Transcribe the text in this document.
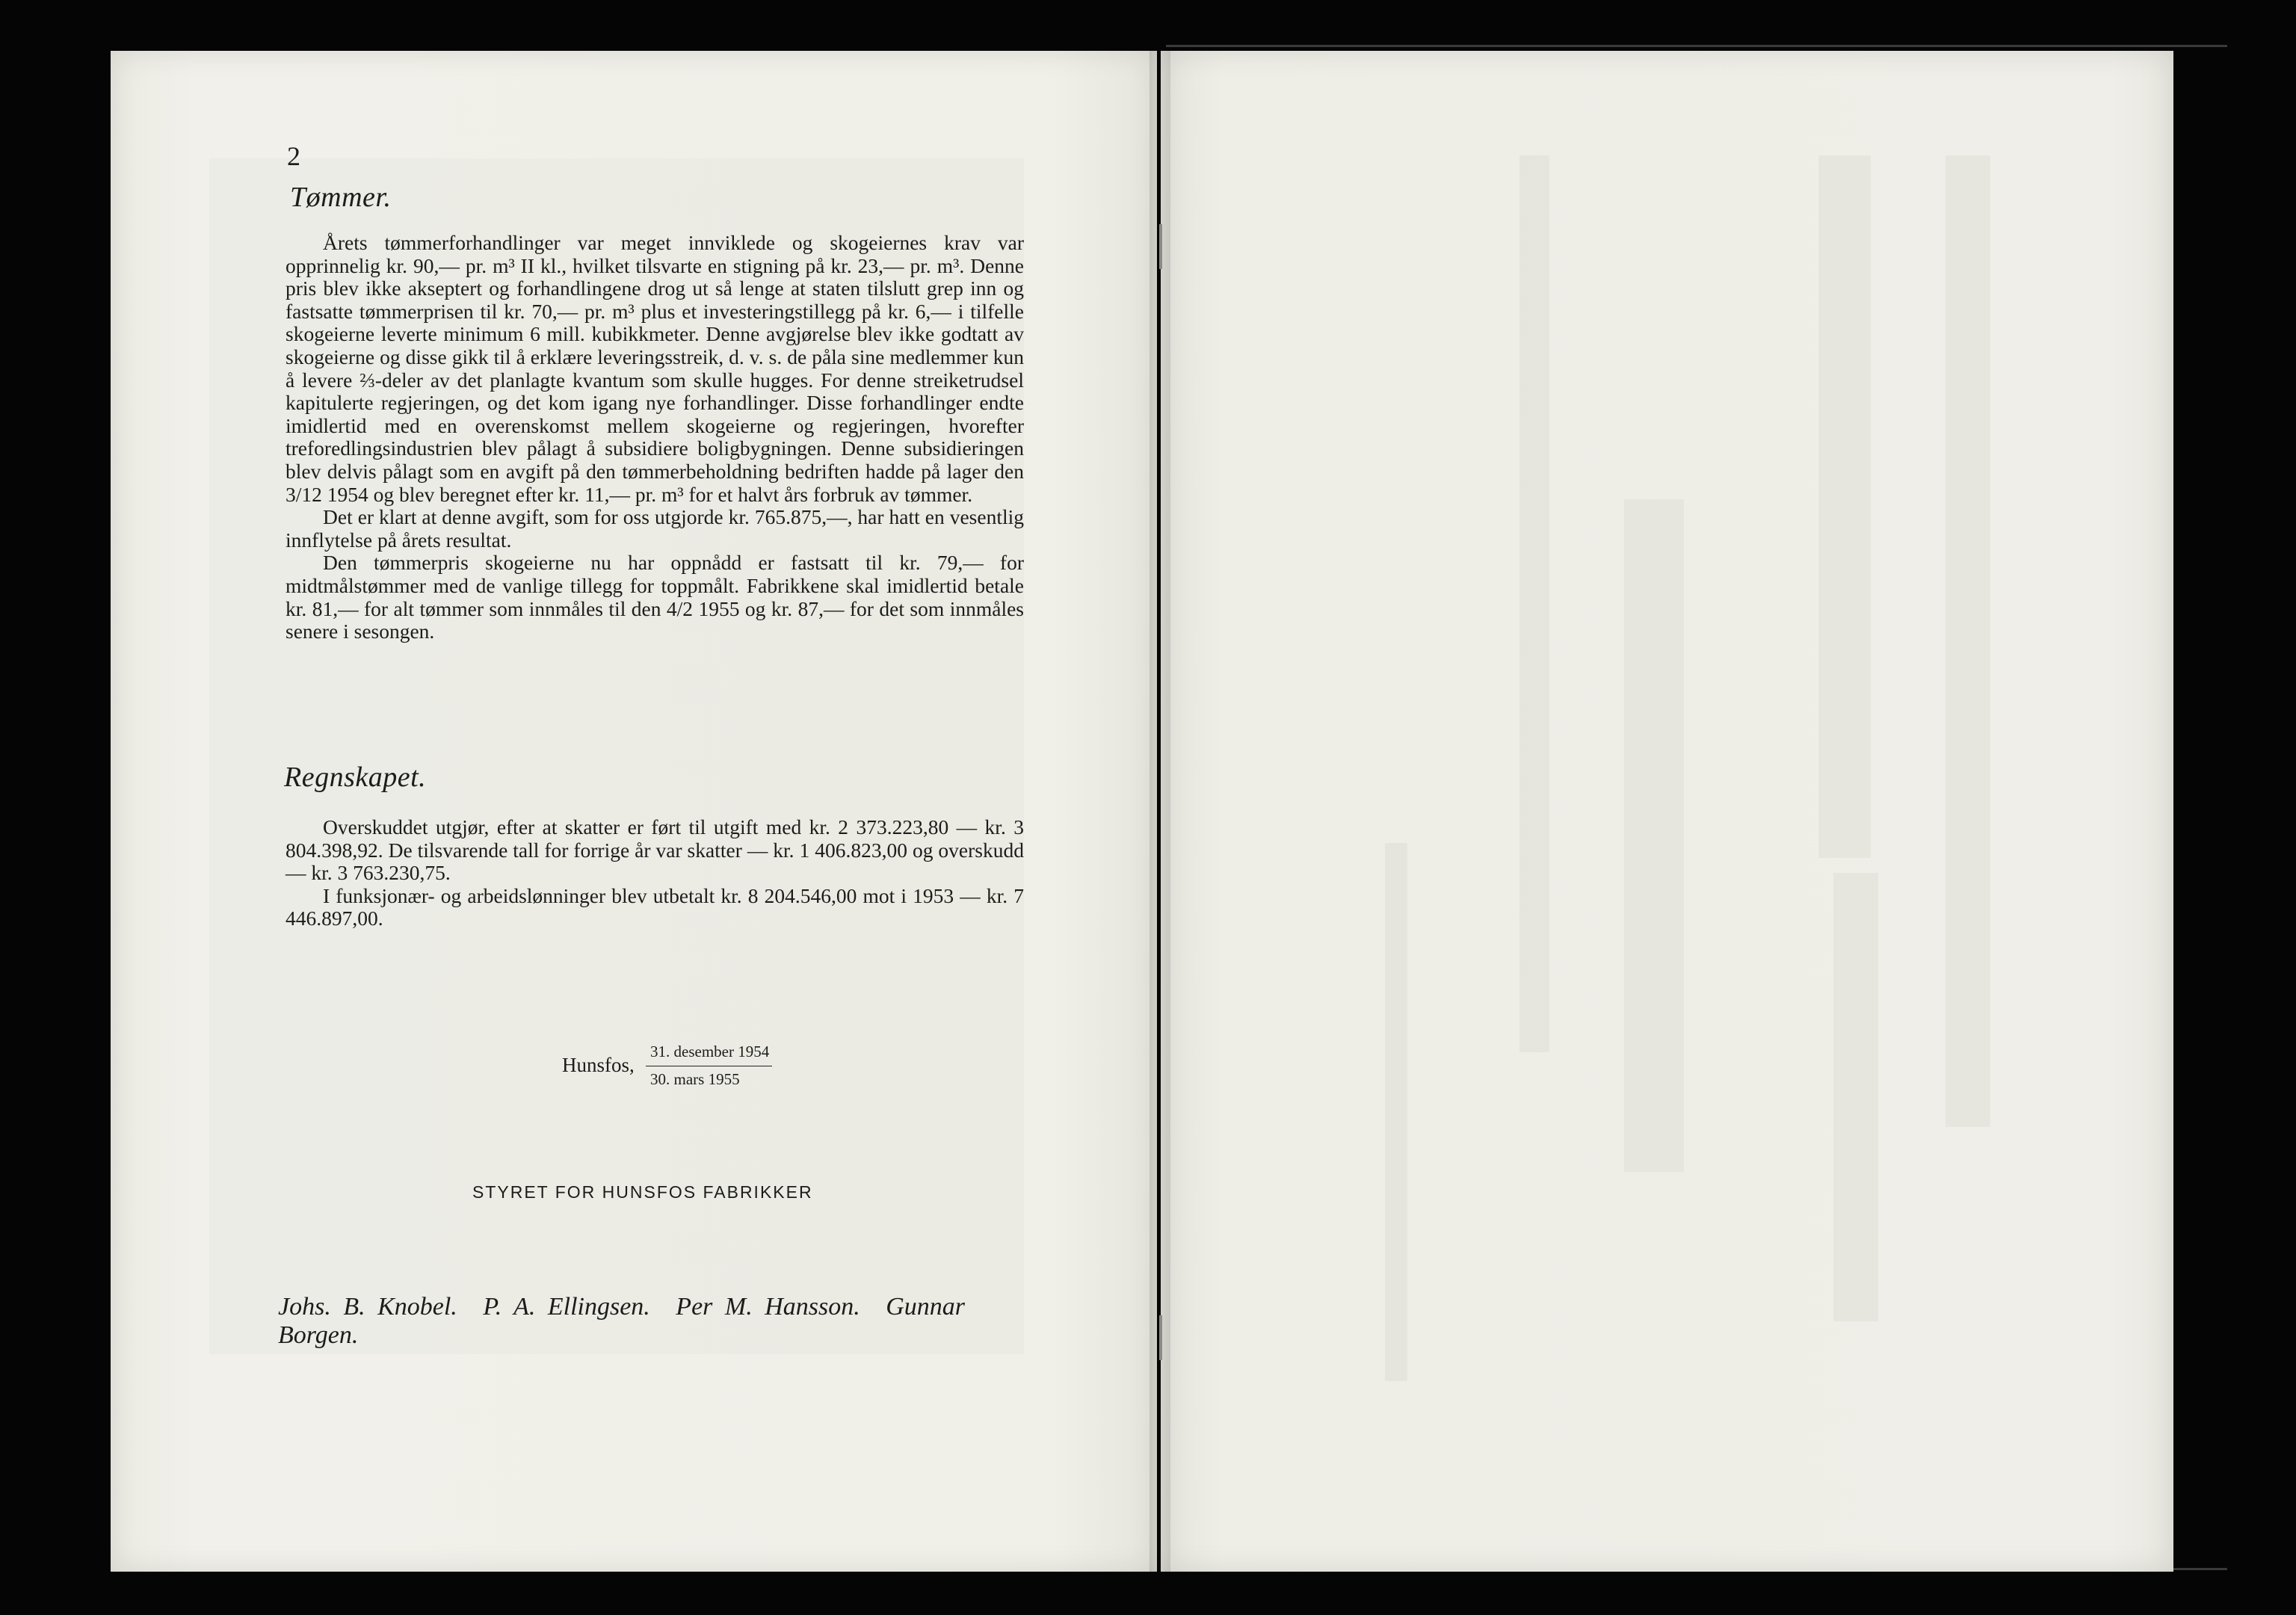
2
Tømmer.

Årets tømmerforhandlinger var meget innviklede og skogeiernes krav var opprinnelig kr. 90,— pr. m³ II kl., hvilket tilsvarte en stigning på kr. 23,— pr. m³. Denne pris blev ikke akseptert og forhandlingene drog ut så lenge at staten tilslutt grep inn og fastsatte tømmerprisen til kr. 70,— pr. m³ plus et investeringstillegg på kr. 6,— i tilfelle skogeierne leverte minimum 6 mill. kubikkmeter. Denne avgjørelse blev ikke godtatt av skogeierne og disse gikk til å erklære leveringsstreik, d. v. s. de påla sine medlemmer kun å levere ⅔-deler av det planlagte kvantum som skulle hugges. For denne streiketrudsel kapitulerte regjeringen, og det kom igang nye forhandlinger. Disse forhandlinger endte imidlertid med en overenskomst mellem skogeierne og regjeringen, hvorefter treforedlingsindustrien blev pålagt å subsidiere boligbygningen. Denne subsidieringen blev delvis pålagt som en avgift på den tømmerbeholdning bedriften hadde på lager den 3/12 1954 og blev beregnet efter kr. 11,— pr. m³ for et halvt års forbruk av tømmer.

Det er klart at denne avgift, som for oss utgjorde kr. 765.875,—, har hatt en vesentlig innflytelse på årets resultat.

Den tømmerpris skogeierne nu har oppnådd er fastsatt til kr. 79,— for midtmålstømmer med de vanlige tillegg for toppmålt. Fabrikkene skal imidlertid betale kr. 81,— for alt tømmer som innmåles til den 4/2 1955 og kr. 87,— for det som innmåles senere i sesongen.

Regnskapet.

Overskuddet utgjør, efter at skatter er ført til utgift med kr. 2 373.223,80 — kr. 3 804.398,92. De tilsvarende tall for forrige år var skatter — kr. 1 406.823,00 og overskudd — kr. 3 763.230,75.

I funksjonær- og arbeidslønninger blev utbetalt kr. 8 204.546,00 mot i 1953 — kr. 7 446.897,00.

Hunsfos,
31. desember 1954
30. mars 1955
STYRET FOR HUNSFOS FABRIKKER
Johs. B. Knobel. P. A. Ellingsen. Per M. Hansson. Gunnar Borgen.
